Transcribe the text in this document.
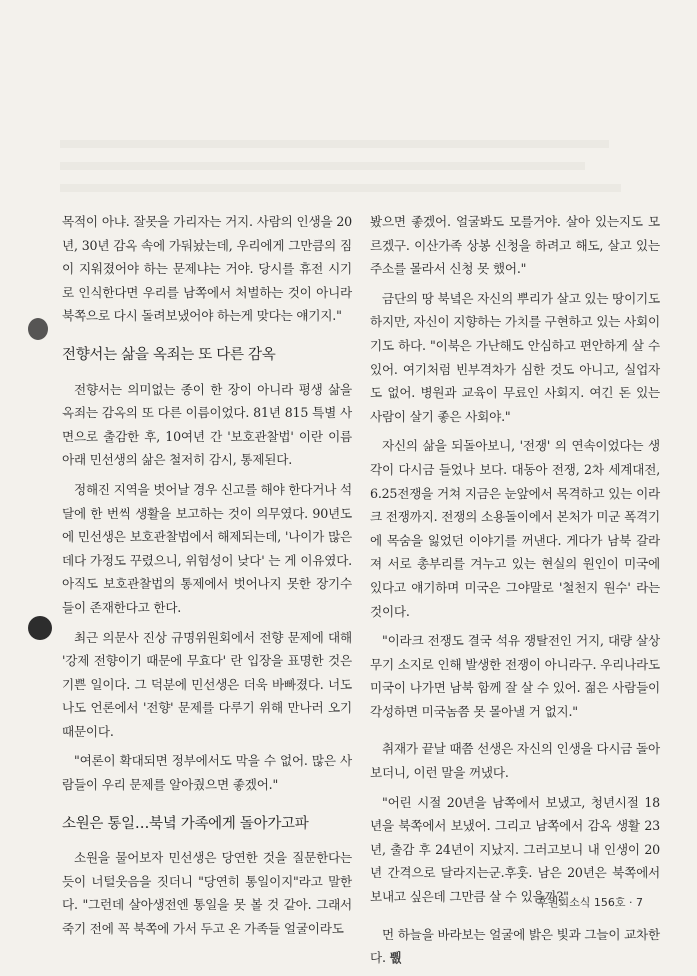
목적이 아냐. 잘못을 가리자는 거지. 사람의 인생을 20년, 30년 감옥 속에 가둬놨는데, 우리에게 그만큼의 짐이 지워졌어야 하는 문제냐는 거야. 당시를 휴전 시기로 인식한다면 우리를 남쪽에서 처벌하는 것이 아니라 북쪽으로 다시 돌려보냈어야 하는게 맞다는 얘기지."

전향서는 삶을 옥죄는 또 다른 감옥

전향서는 의미없는 종이 한 장이 아니라 평생 삶을 옥죄는 감옥의 또 다른 이름이었다. 81년 815 특별 사면으로 출감한 후, 10여년 간 '보호관찰법' 이란 이름 아래 민선생의 삶은 철저히 감시, 통제된다.

정해진 지역을 벗어날 경우 신고를 해야 한다거나 석 달에 한 번씩 생활을 보고하는 것이 의무였다. 90년도에 민선생은 보호관찰법에서 해제되는데, '나이가 많은데다 가정도 꾸렸으니, 위험성이 낮다' 는 게 이유였다. 아직도 보호관찰법의 통제에서 벗어나지 못한 장기수들이 존재한다고 한다.

최근 의문사 진상 규명위원회에서 전향 문제에 대해 '강제 전향이기 때문에 무효다' 란 입장을 표명한 것은 기쁜 일이다. 그 덕분에 민선생은 더욱 바빠졌다. 너도나도 언론에서 '전향' 문제를 다루기 위해 만나러 오기 때문이다.

"여론이 확대되면 정부에서도 막을 수 없어. 많은 사람들이 우리 문제를 알아줬으면 좋겠어."

소원은 통일…북녘 가족에게 돌아가고파

소원을 물어보자 민선생은 당연한 것을 질문한다는 듯이 너털웃음을 짓더니 "당연히 통일이지"라고 말한다. "그런데 살아생전엔 통일을 못 볼 것 같아. 그래서 죽기 전에 꼭 북쪽에 가서 두고 온 가족들 얼굴이라도

봤으면 좋겠어. 얼굴봐도 모를거야. 살아 있는지도 모르겠구. 이산가족 상봉 신청을 하려고 해도, 살고 있는 주소를 몰라서 신청 못 했어."

금단의 땅 북녘은 자신의 뿌리가 살고 있는 땅이기도 하지만, 자신이 지향하는 가치를 구현하고 있는 사회이기도 하다. "이북은 가난해도 안심하고 편안하게 살 수 있어. 여기처럼 빈부격차가 심한 것도 아니고, 실업자도 없어. 병원과 교육이 무료인 사회지. 여긴 돈 있는 사람이 살기 좋은 사회야."

자신의 삶을 되돌아보니, '전쟁' 의 연속이었다는 생각이 다시금 들었나 보다. 대동아 전쟁, 2차 세계대전, 6.25전쟁을 거쳐 지금은 눈앞에서 목격하고 있는 이라크 전쟁까지. 전쟁의 소용돌이에서 본처가 미군 폭격기에 목숨을 잃었던 이야기를 꺼낸다. 게다가 남북 갈라져 서로 총부리를 겨누고 있는 현실의 원인이 미국에 있다고 얘기하며 미국은 그야말로 '철천지 원수' 라는 것이다.

"이라크 전쟁도 결국 석유 쟁탈전인 거지, 대량 살상 무기 소지로 인해 발생한 전쟁이 아니라구. 우리나라도 미국이 나가면 남북 함께 잘 살 수 있어. 젊은 사람들이 각성하면 미국놈쯤 못 몰아낼 거 없지."

취재가 끝날 때쯤 선생은 자신의 인생을 다시금 돌아보더니, 이런 말을 꺼냈다.

"어린 시절 20년을 남쪽에서 보냈고, 청년시절 18년을 북쪽에서 보냈어. 그리고 남쪽에서 감옥 생활 23년, 출감 후 24년이 지났지. 그러고보니 내 인생이 20년 간격으로 달라지는군.후훗. 남은 20년은 북쪽에서 보내고 싶은데 그만큼 살 수 있을까?"

먼 하늘을 바라보는 얼굴에 밝은 빛과 그늘이 교차한다. 뿺

후원회소식 156호 · 7
